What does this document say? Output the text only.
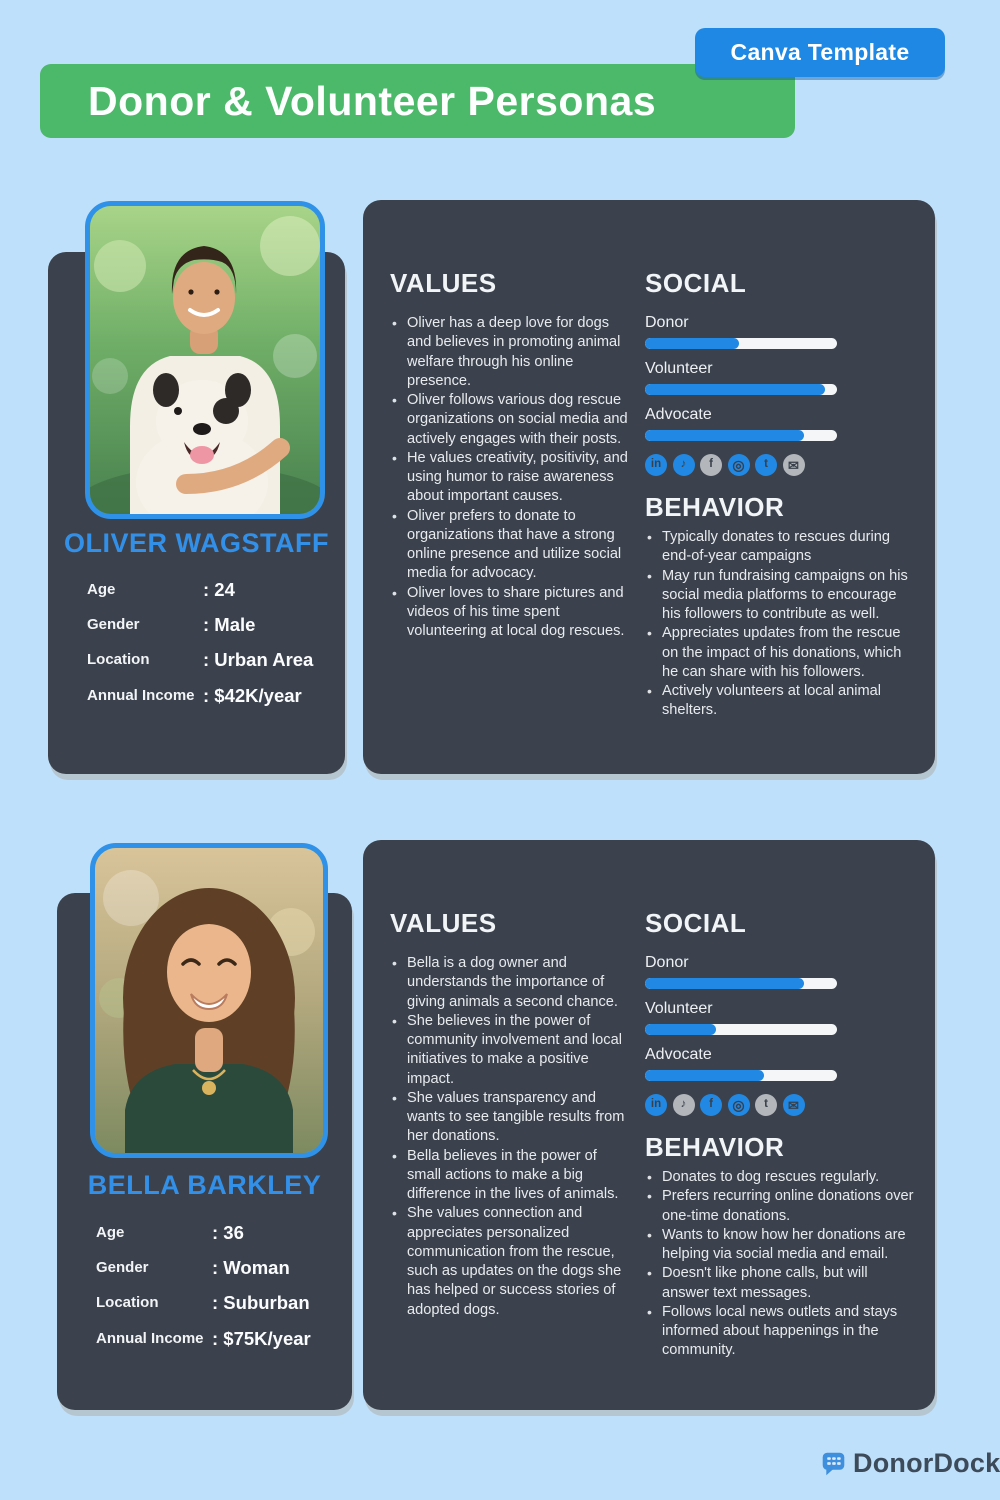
Canva Template
Donor & Volunteer Personas
OLIVER WAGSTAFF
Age	: 24
Gender	: Male
Location	: Urban Area
Annual Income : $42K/year
VALUES
• Oliver has a deep love for dogs and believes in promoting animal welfare through his online presence.
• Oliver follows various dog rescue organizations on social media and actively engages with their posts.
• He values creativity, positivity, and using humor to raise awareness about important causes.
• Oliver prefers to donate to organizations that have a strong online presence and utilize social media for advocacy.
• Oliver loves to share pictures and videos of his time spent volunteering at local dog rescues.
SOCIAL
Donor
Volunteer
Advocate
in	♪	f	◎	t	✉
BEHAVIOR
• Typically donates to rescues during end-of-year campaigns
• May run fundraising campaigns on his social media platforms to encourage his followers to contribute as well.
• Appreciates updates from the rescue on the impact of his donations, which he can share with his followers.
• Actively volunteers at local animal shelters.
BELLA BARKLEY
Age	: 36
Gender	: Woman
Location	: Suburban
Annual Income : $75K/year
VALUES
• Bella is a dog owner and understands the importance of giving animals a second chance.
• She believes in the power of community involvement and local initiatives to make a positive impact.
• She values transparency and wants to see tangible results from her donations.
• Bella believes in the power of small actions to make a big difference in the lives of animals.
• She values connection and appreciates personalized communication from the rescue, such as updates on the dogs she has helped or success stories of adopted dogs.
SOCIAL
Donor
Volunteer
Advocate
in	♪	f	◎	t	✉
BEHAVIOR
• Donates to dog rescues regularly.
• Prefers recurring online donations over one-time donations.
• Wants to know how her donations are helping via social media and email.
• Doesn't like phone calls, but will answer text messages.
• Follows local news outlets and stays informed about happenings in the community.
DonorDock
